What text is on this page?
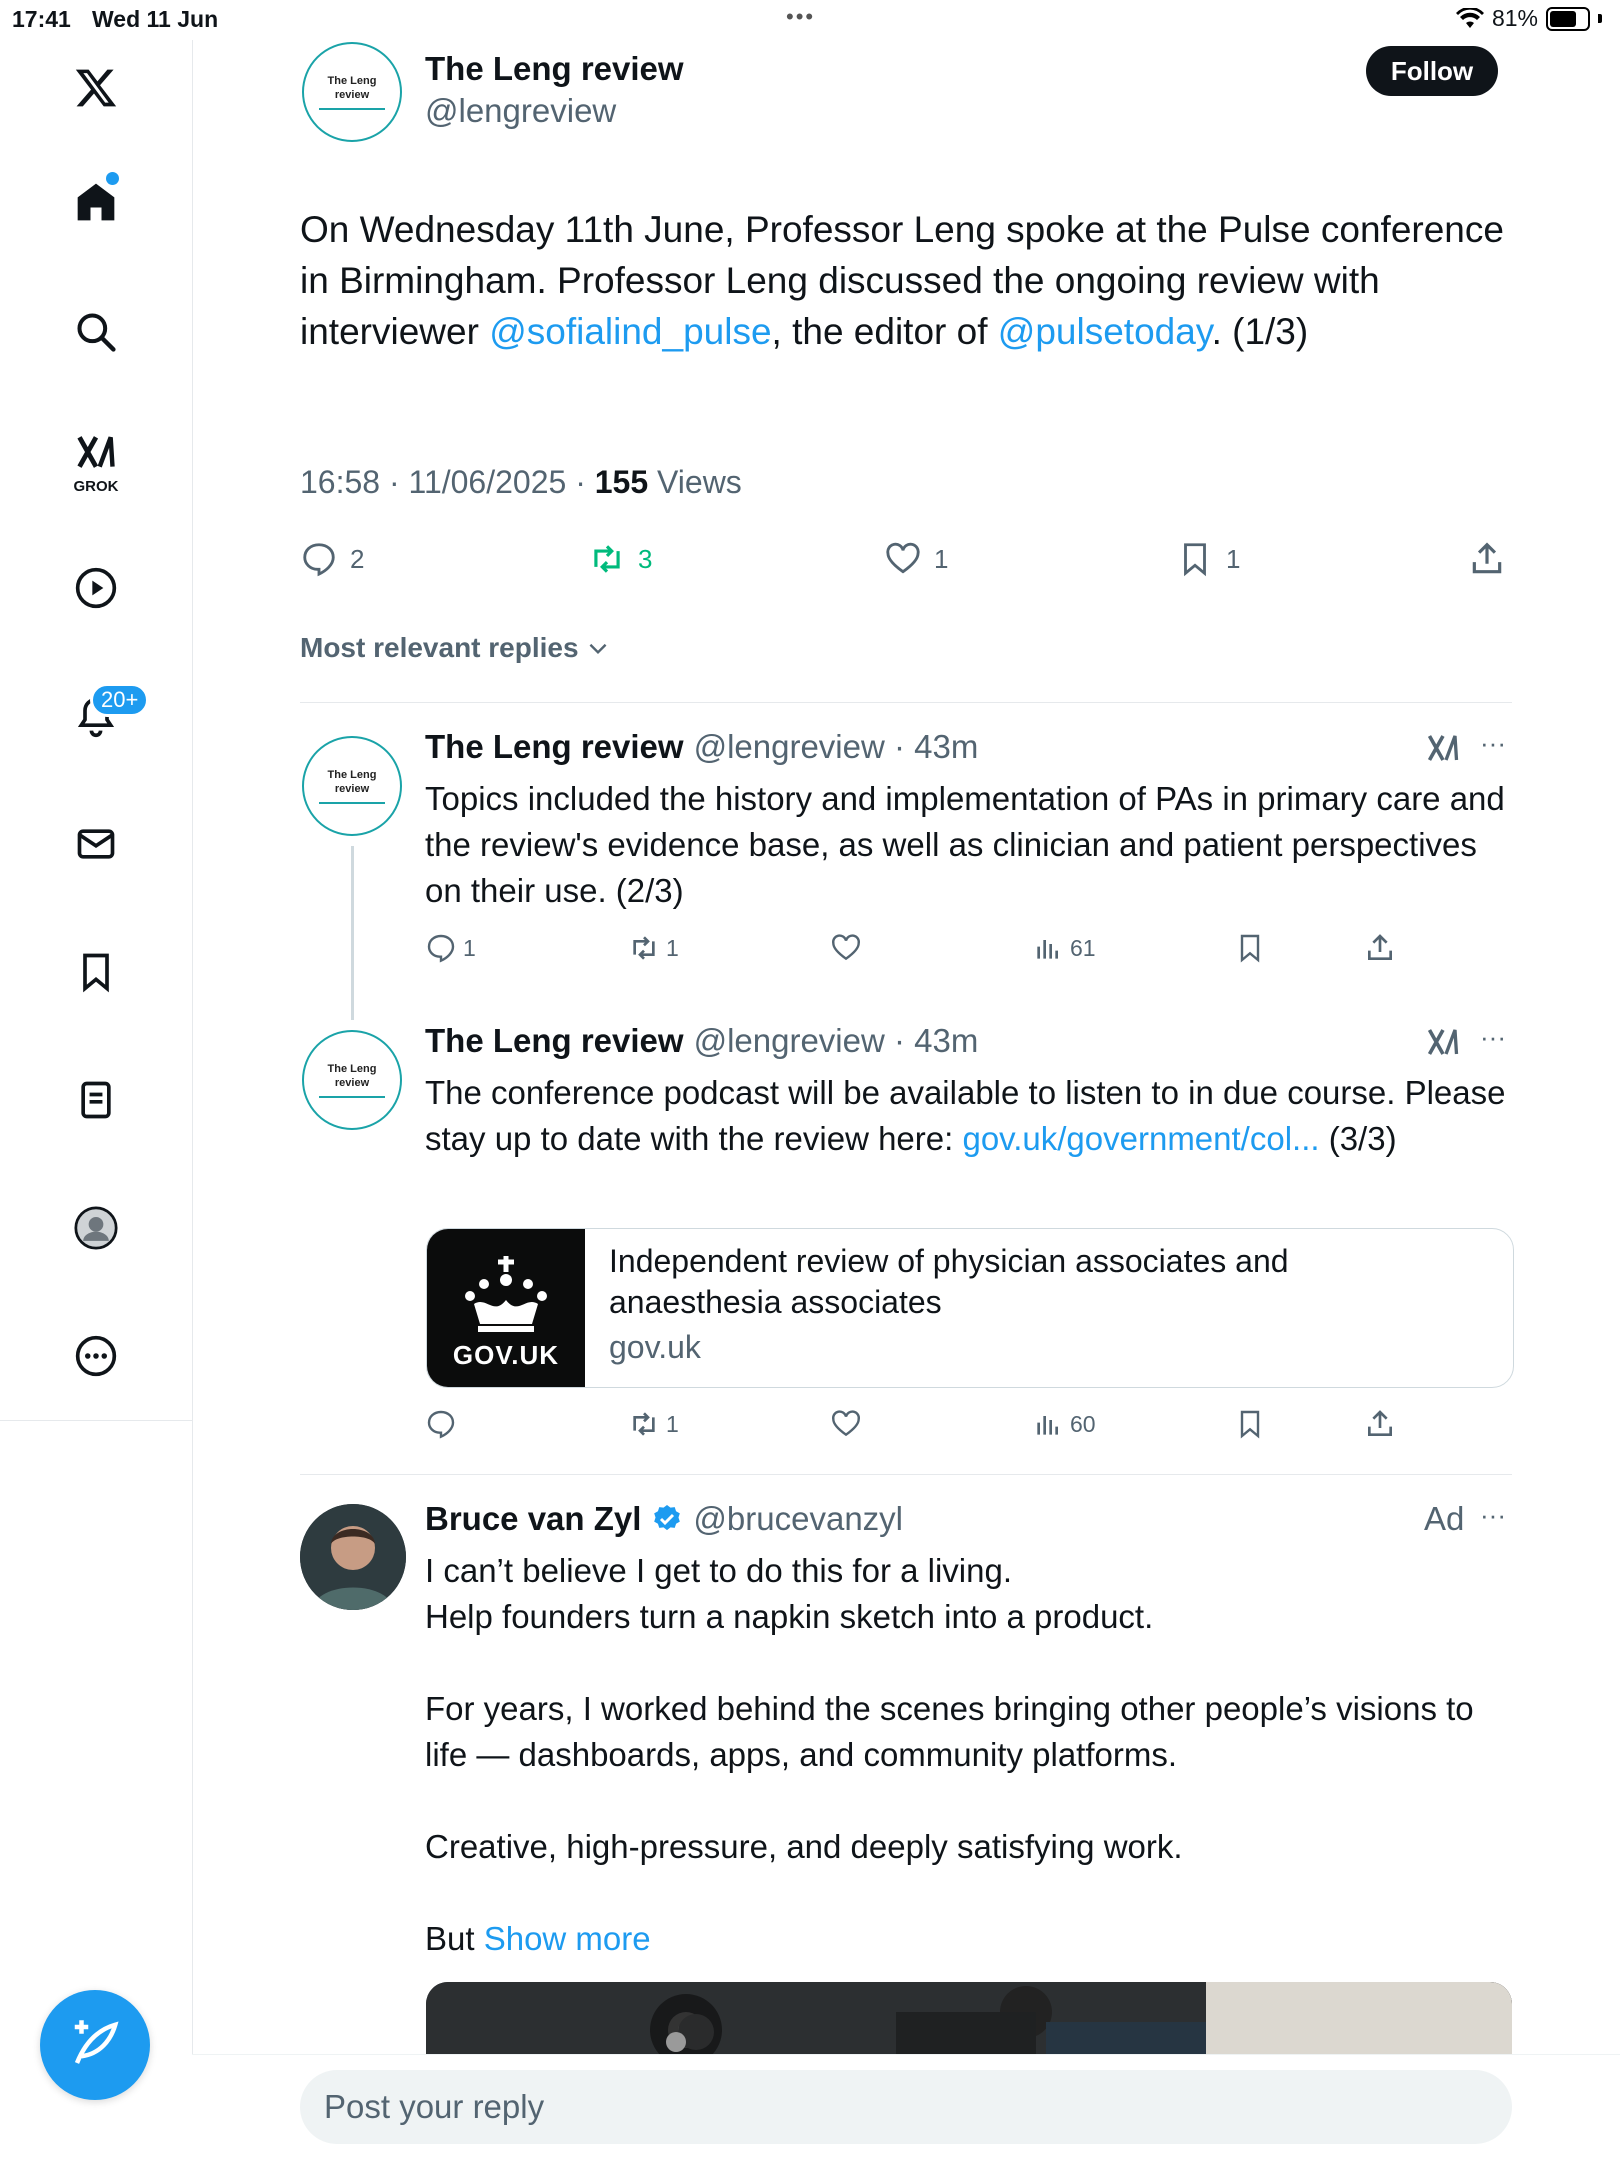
17:41 Wed 11 Jun	•••	81%
GROK
20+
The Leng
review
The Leng review
@lengreview
Follow
On Wednesday 11th June, Professor Leng spoke at the Pulse conference in Birmingham. Professor Leng discussed the ongoing review with interviewer @sofialind_pulse, the editor of @pulsetoday. (1/3)
16:58 · 11/06/2025 · 155 Views
2	3	1	1
Most relevant replies
The Leng
review
The Leng review @lengreview · 43m	···
Topics included the history and implementation of PAs in primary care and the review's evidence base, as well as clinician and patient perspectives on their use. (2/3)
1	1	61
The Leng
review
The Leng review @lengreview · 43m	···
The conference podcast will be available to listen to in due course. Please stay up to date with the review here: gov.uk/government/col... (3/3)
GOV.UK
Independent review of physician associates and anaesthesia associates
gov.uk
1	60
Bruce van Zyl @brucevanzyl	Ad ···
I can’t believe I get to do this for a living.
Help founders turn a napkin sketch into a product.
For years, I worked behind the scenes bringing other people’s visions to life — dashboards, apps, and community platforms.
Creative, high-pressure, and deeply satisfying work.
But Show more
Post your reply
